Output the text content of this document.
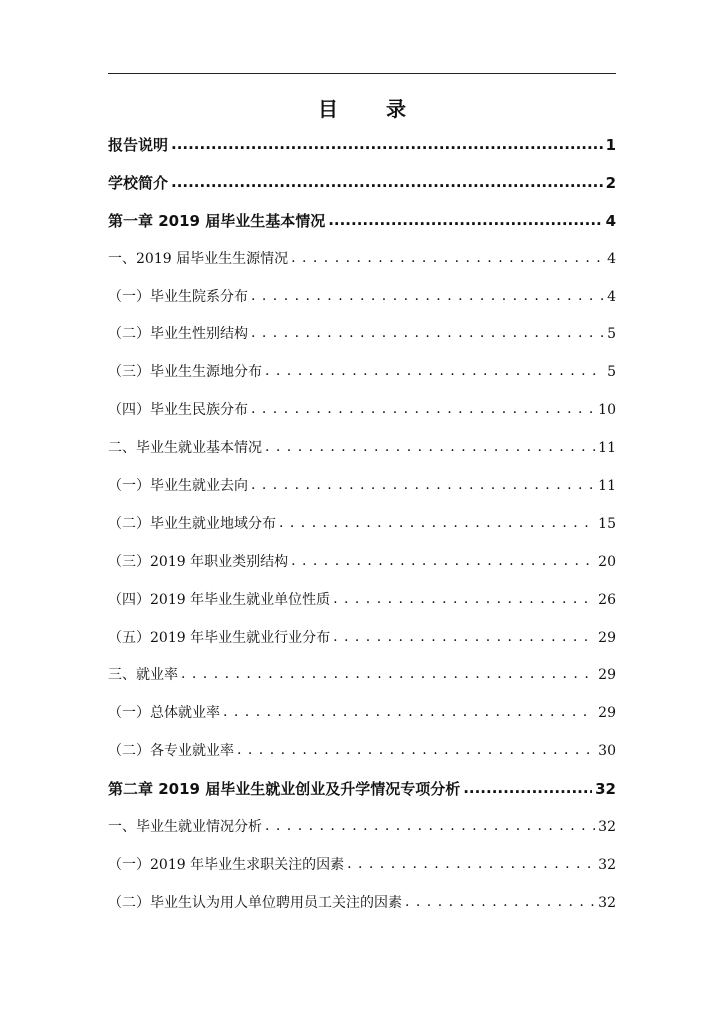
目　录
报告说明 .....	1
学校简介 .....	2
第一章 2019 届毕业生基本情况 .....	4
一、2019 届毕业生生源情况 . . .	4
（一）毕业生院系分布 . . .	4
（二）毕业生性别结构 . . .	5
（三）毕业生生源地分布 . . .	5
（四）毕业生民族分布 . . .	10
二、毕业生就业基本情况 . . .	11
（一）毕业生就业去向 . . .	11
（二）毕业生就业地域分布 . . .	15
（三）2019 年职业类别结构 . . .	20
（四）2019 年毕业生就业单位性质 . . .	26
（五）2019 年毕业生就业行业分布 . . .	29
三、就业率 . . .	29
（一）总体就业率 . . .	29
（二）各专业就业率 . . .	30
第二章 2019 届毕业生就业创业及升学情况专项分析 .....	32
一、毕业生就业情况分析 . . .	32
（一）2019 年毕业生求职关注的因素 . . .	32
（二）毕业生认为用人单位聘用员工关注的因素 . . .	32
